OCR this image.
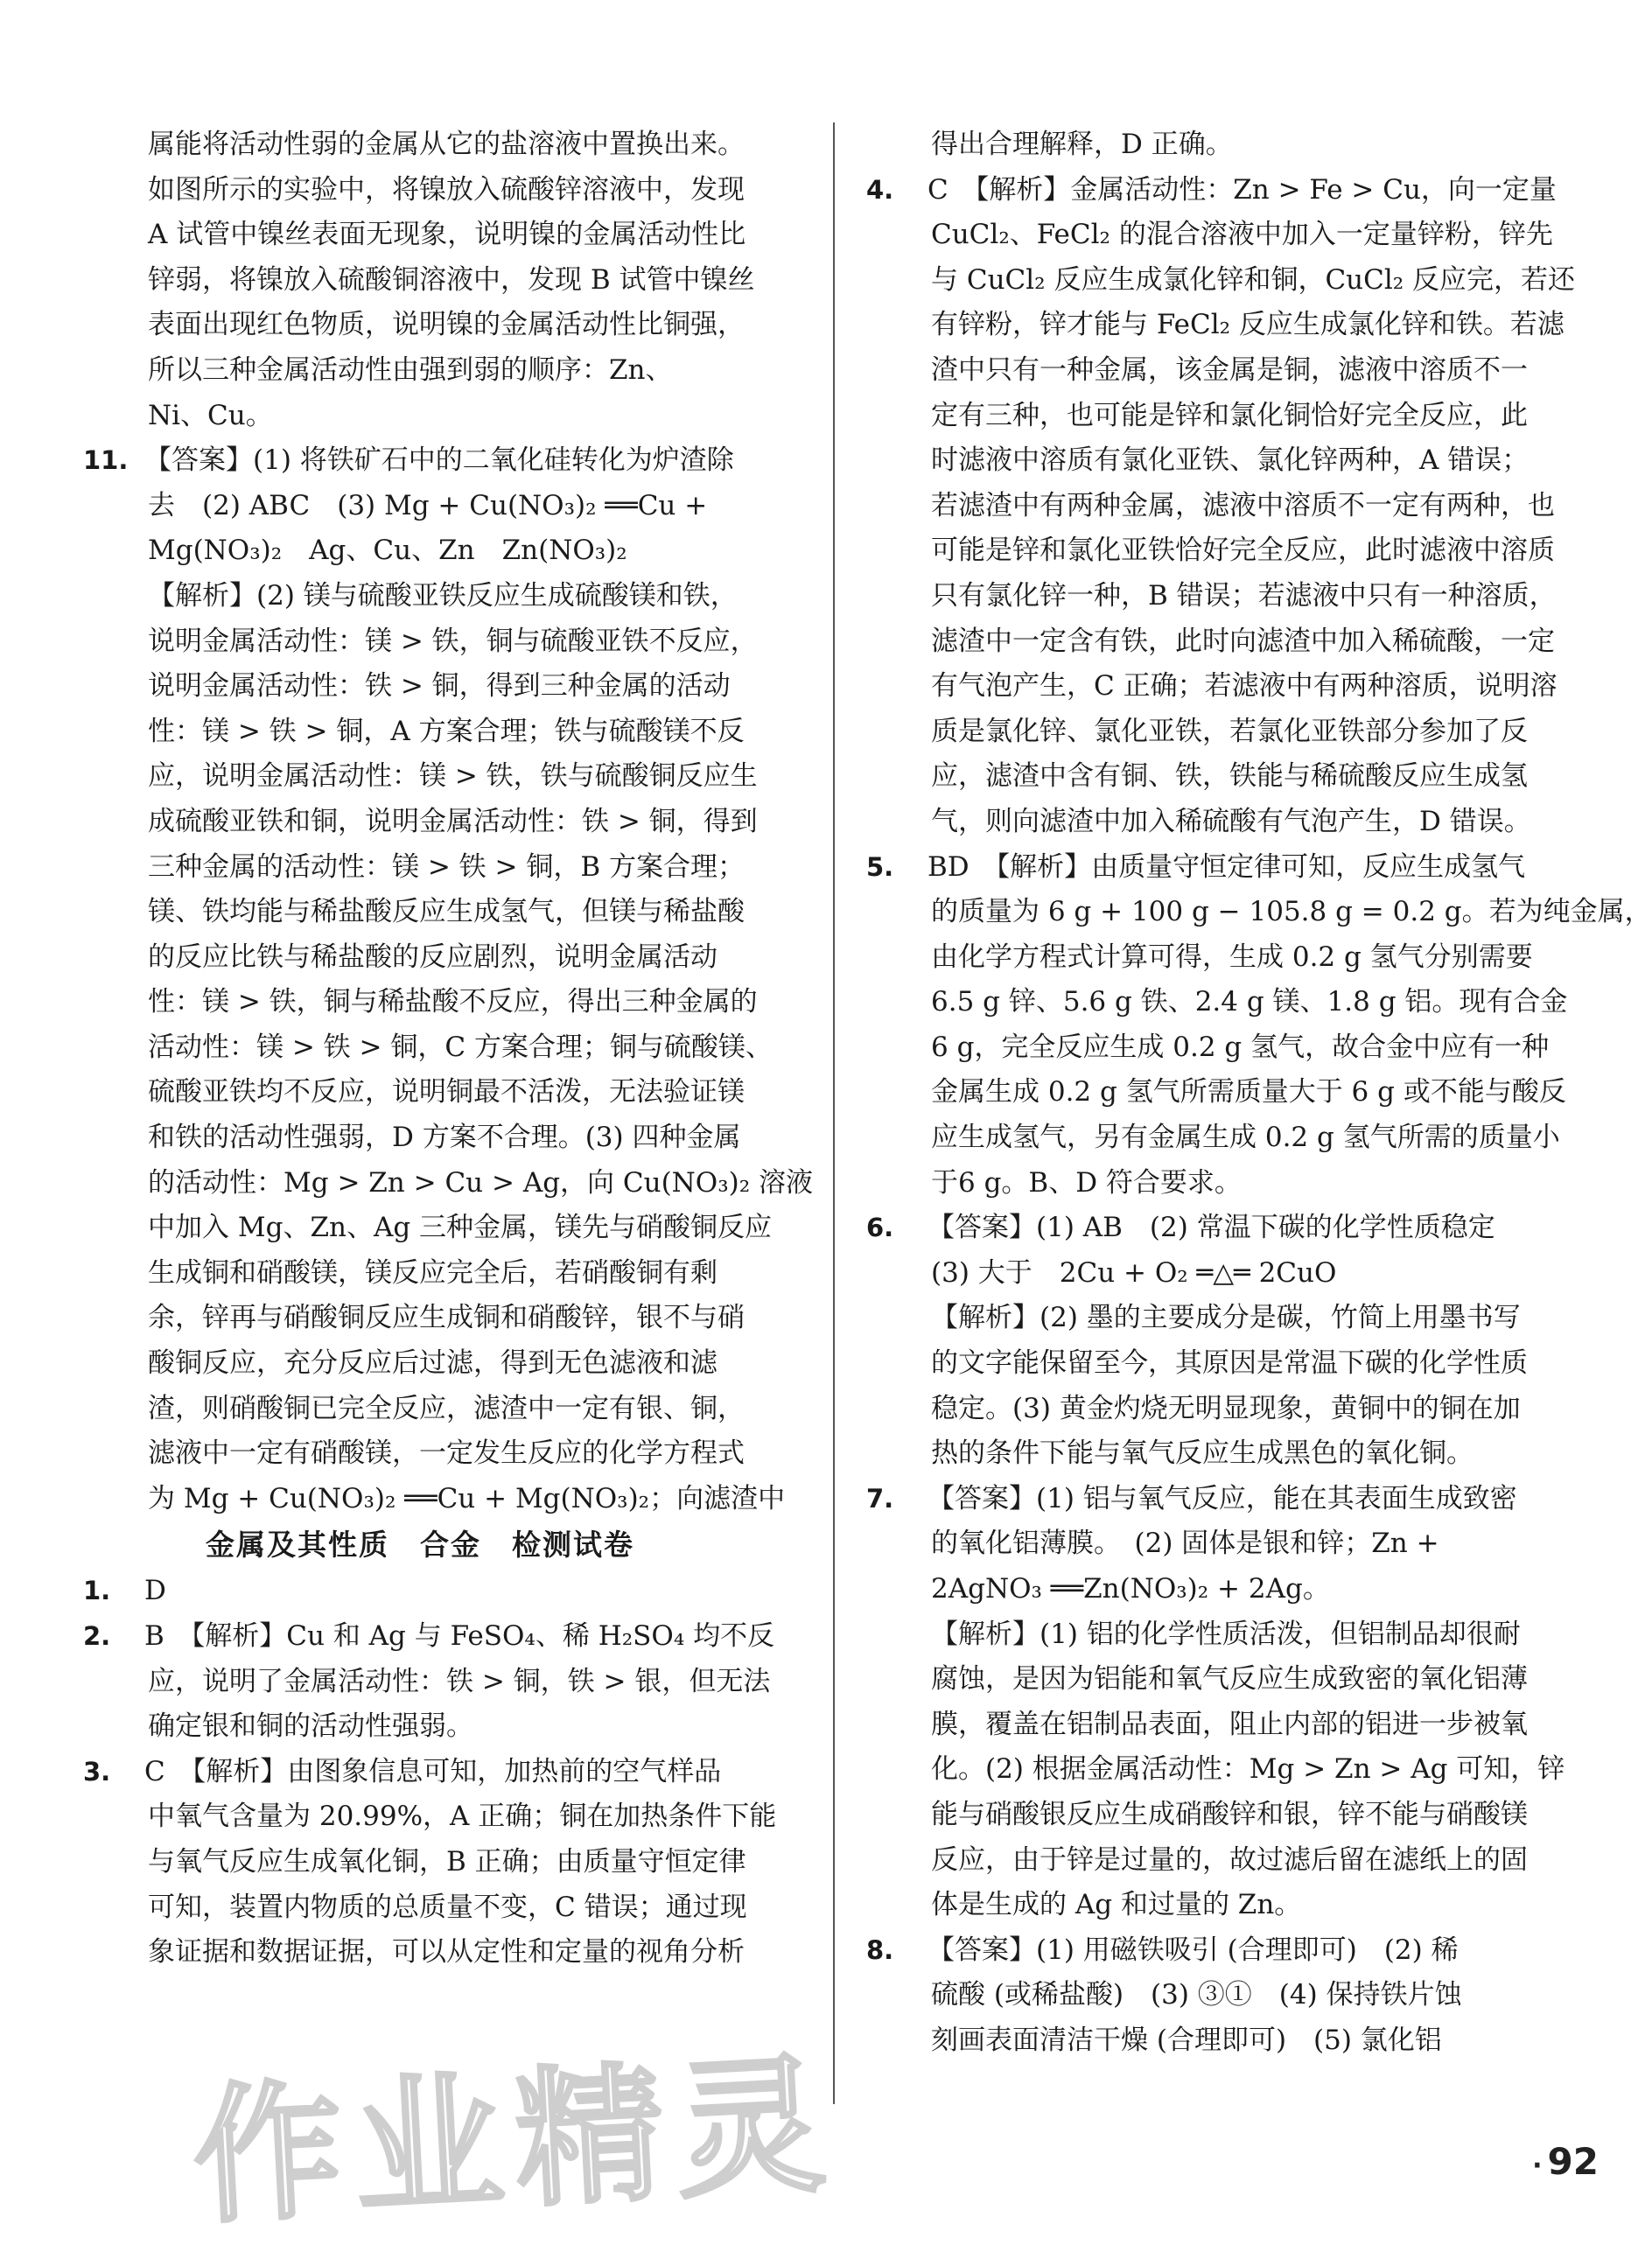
属能将活动性弱的金属从它的盐溶液中置换出来。
如图所示的实验中，将镍放入硫酸锌溶液中，发现
A 试管中镍丝表面无现象，说明镍的金属活动性比
锌弱，将镍放入硫酸铜溶液中，发现 B 试管中镍丝
表面出现红色物质，说明镍的金属活动性比铜强，
所以三种金属活动性由强到弱的顺序：Zn、
Ni、Cu。
11. 【答案】(1) 将铁矿石中的二氧化硅转化为炉渣除
去　(2) ABC　(3) Mg + Cu(NO₃)₂ ══Cu +
Mg(NO₃)₂　Ag、Cu、Zn　Zn(NO₃)₂
【解析】(2) 镁与硫酸亚铁反应生成硫酸镁和铁，
说明金属活动性：镁 > 铁，铜与硫酸亚铁不反应，
说明金属活动性：铁 > 铜，得到三种金属的活动
性：镁 > 铁 > 铜，A 方案合理；铁与硫酸镁不反
应，说明金属活动性：镁 > 铁，铁与硫酸铜反应生
成硫酸亚铁和铜，说明金属活动性：铁 > 铜，得到
三种金属的活动性：镁 > 铁 > 铜，B 方案合理；
镁、铁均能与稀盐酸反应生成氢气，但镁与稀盐酸
的反应比铁与稀盐酸的反应剧烈，说明金属活动
性：镁 > 铁，铜与稀盐酸不反应，得出三种金属的
活动性：镁 > 铁 > 铜，C 方案合理；铜与硫酸镁、
硫酸亚铁均不反应，说明铜最不活泼，无法验证镁
和铁的活动性强弱，D 方案不合理。(3) 四种金属
的活动性：Mg > Zn > Cu > Ag，向 Cu(NO₃)₂ 溶液
中加入 Mg、Zn、Ag 三种金属，镁先与硝酸铜反应
生成铜和硝酸镁，镁反应完全后，若硝酸铜有剩
余，锌再与硝酸铜反应生成铜和硝酸锌，银不与硝
酸铜反应，充分反应后过滤，得到无色滤液和滤
渣，则硝酸铜已完全反应，滤渣中一定有银、铜，
滤液中一定有硝酸镁，一定发生反应的化学方程式
为 Mg + Cu(NO₃)₂ ══Cu + Mg(NO₃)₂；向滤渣中
金属及其性质　合金　检测试卷
1. D
2. B　【解析】Cu 和 Ag 与 FeSO₄、稀 H₂SO₄ 均不反
应，说明了金属活动性：铁 > 铜，铁 > 银，但无法
确定银和铜的活动性强弱。
3. C　【解析】由图象信息可知，加热前的空气样品
中氧气含量为 20.99%，A 正确；铜在加热条件下能
与氧气反应生成氧化铜，B 正确；由质量守恒定律
可知，装置内物质的总质量不变，C 错误；通过现
象证据和数据证据，可以从定性和定量的视角分析
得出合理解释，D 正确。
4. C　【解析】金属活动性：Zn > Fe > Cu，向一定量
CuCl₂、FeCl₂ 的混合溶液中加入一定量锌粉，锌先
与 CuCl₂ 反应生成氯化锌和铜，CuCl₂ 反应完，若还
有锌粉，锌才能与 FeCl₂ 反应生成氯化锌和铁。若滤
渣中只有一种金属，该金属是铜，滤液中溶质不一
定有三种，也可能是锌和氯化铜恰好完全反应，此
时滤液中溶质有氯化亚铁、氯化锌两种，A 错误；
若滤渣中有两种金属，滤液中溶质不一定有两种，也
可能是锌和氯化亚铁恰好完全反应，此时滤液中溶质
只有氯化锌一种，B 错误；若滤液中只有一种溶质，
滤渣中一定含有铁，此时向滤渣中加入稀硫酸，一定
有气泡产生，C 正确；若滤液中有两种溶质，说明溶
质是氯化锌、氯化亚铁，若氯化亚铁部分参加了反
应，滤渣中含有铜、铁，铁能与稀硫酸反应生成氢
气，则向滤渣中加入稀硫酸有气泡产生，D 错误。
5. BD　【解析】由质量守恒定律可知，反应生成氢气
的质量为 6 g + 100 g − 105.8 g = 0.2 g。若为纯金属，
由化学方程式计算可得，生成 0.2 g 氢气分别需要
6.5 g 锌、5.6 g 铁、2.4 g 镁、1.8 g 铝。现有合金
6 g，完全反应生成 0.2 g 氢气，故合金中应有一种
金属生成 0.2 g 氢气所需质量大于 6 g 或不能与酸反
应生成氢气，另有金属生成 0.2 g 氢气所需的质量小
于6 g。B、D 符合要求。
6. 【答案】(1) AB　(2) 常温下碳的化学性质稳定
(3) 大于　2Cu + O₂ ═△═ 2CuO
【解析】(2) 墨的主要成分是碳，竹简上用墨书写
的文字能保留至今，其原因是常温下碳的化学性质
稳定。(3) 黄金灼烧无明显现象，黄铜中的铜在加
热的条件下能与氧气反应生成黑色的氧化铜。
7. 【答案】(1) 铝与氧气反应，能在其表面生成致密
的氧化铝薄膜。　(2) 固体是银和锌；Zn +
2AgNO₃ ══Zn(NO₃)₂ + 2Ag。
【解析】(1) 铝的化学性质活泼，但铝制品却很耐
腐蚀，是因为铝能和氧气反应生成致密的氧化铝薄
膜，覆盖在铝制品表面，阻止内部的铝进一步被氧
化。(2) 根据金属活动性：Mg > Zn > Ag 可知，锌
能与硝酸银反应生成硝酸锌和银，锌不能与硝酸镁
反应，由于锌是过量的，故过滤后留在滤纸上的固
体是生成的 Ag 和过量的 Zn。
8. 【答案】(1) 用磁铁吸引 (合理即可)　(2) 稀
硫酸 (或稀盐酸)　(3) ③①　(4) 保持铁片蚀
刻画表面清洁干燥 (合理即可)　(5) 氯化铝
作业精灵	· 92
